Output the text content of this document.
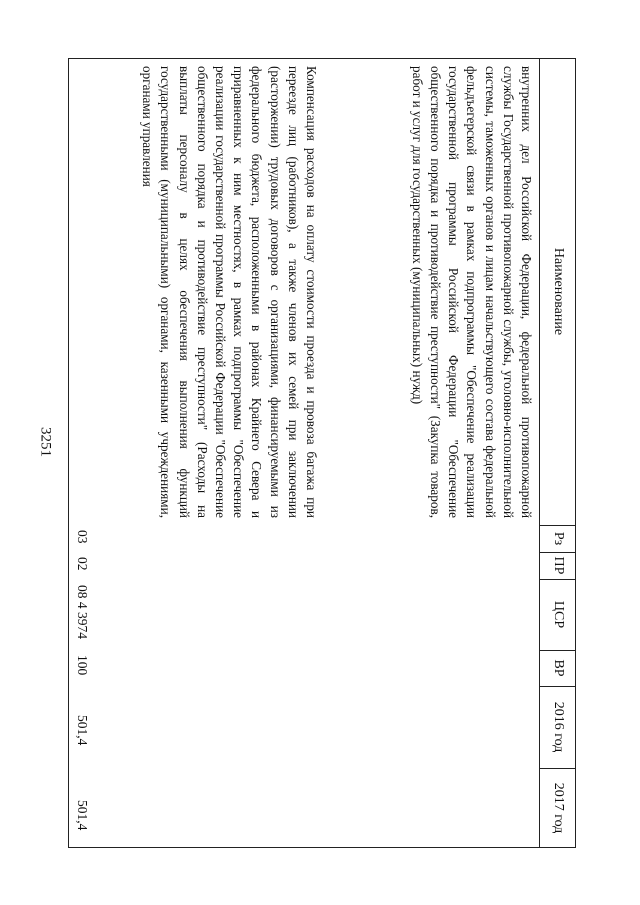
3251
Наименование
Рз
ПР
ЦСР
ВР
2016 год
2017 год
внутренних дел Российской Федерации, федеральной противопожарной службы Государственной противопожарной службы, уголовно-исполнительной системы, таможенных органов и лицам начальствующего состава федеральной фельдъегерской связи в рамках подпрограммы "Обеспечение реализации государственной программы Российской Федерации "Обеспечение общественного порядка и противодействие преступности" (Закупка товаров, работ и услуг для государственных (муниципальных) нужд)
Компенсация расходов на оплату стоимости проезда и провоза багажа при переезде лиц (работников), а также членов их семей при заключении (расторжении) трудовых договоров с организациями, финансируемыми из федерального бюджета, расположенными в районах Крайнего Севера и приравненных к ним местностях, в рамках подпрограммы "Обеспечение реализации государственной программы Российской Федерации "Обеспечение общественного порядка и противодействие преступности" (Расходы на выплаты персоналу в целях обеспечения выполнения функций государственными (муниципальными) органами, казенными учреждениями, органами управления
03
02
08 4 3974
100
501,4
501,4
